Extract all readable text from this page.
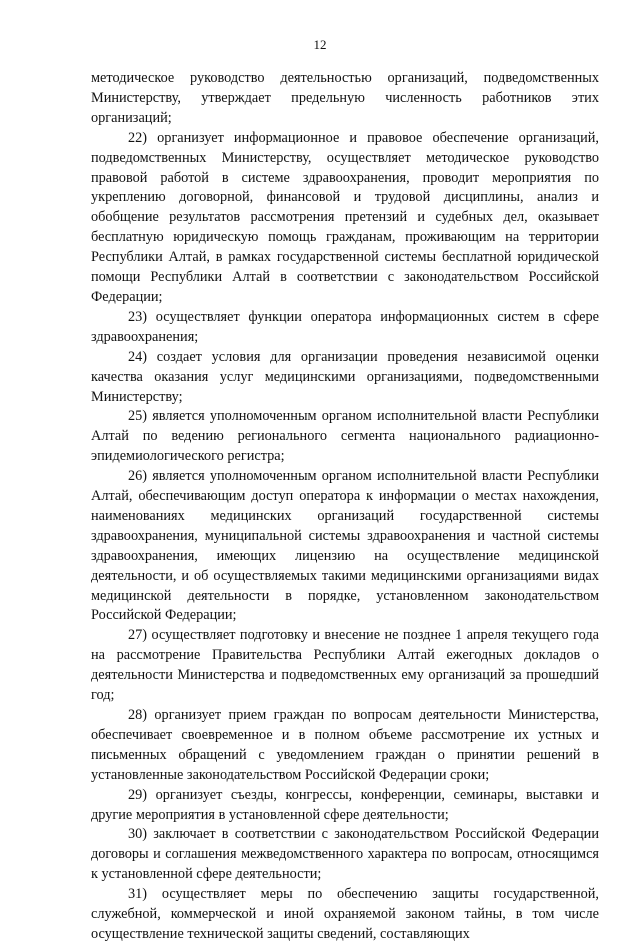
12

методическое руководство деятельностью организаций, подведомственных Министерству, утверждает предельную численность работников этих организаций;

22) организует информационное и правовое обеспечение организаций, подведомственных Министерству, осуществляет методическое руководство правовой работой в системе здравоохранения, проводит мероприятия по укреплению договорной, финансовой и трудовой дисциплины, анализ и обобщение результатов рассмотрения претензий и судебных дел, оказывает бесплатную юридическую помощь гражданам, проживающим на территории Республики Алтай, в рамках государственной системы бесплатной юридической помощи Республики Алтай в соответствии с законодательством Российской Федерации;

23) осуществляет функции оператора информационных систем в сфере здравоохранения;

24) создает условия для организации проведения независимой оценки качества оказания услуг медицинскими организациями, подведомственными Министерству;

25) является уполномоченным органом исполнительной власти Республики Алтай по ведению регионального сегмента национального радиационно-эпидемиологического регистра;

26) является уполномоченным органом исполнительной власти Республики Алтай, обеспечивающим доступ оператора к информации о местах нахождения, наименованиях медицинских организаций государственной системы здравоохранения, муниципальной системы здравоохранения и частной системы здравоохранения, имеющих лицензию на осуществление медицинской деятельности, и об осуществляемых такими медицинскими организациями видах медицинской деятельности в порядке, установленном законодательством Российской Федерации;

27) осуществляет подготовку и внесение не позднее 1 апреля текущего года на рассмотрение Правительства Республики Алтай ежегодных докладов о деятельности Министерства и подведомственных ему организаций за прошедший год;

28) организует прием граждан по вопросам деятельности Министерства, обеспечивает своевременное и в полном объеме рассмотрение их устных и письменных обращений с уведомлением граждан о принятии решений в установленные законодательством Российской Федерации сроки;

29) организует съезды, конгрессы, конференции, семинары, выставки и другие мероприятия в установленной сфере деятельности;

30) заключает в соответствии с законодательством Российской Федерации договоры и соглашения межведомственного характера по вопросам, относящимся к установленной сфере деятельности;

31) осуществляет меры по обеспечению защиты государственной, служебной, коммерческой и иной охраняемой законом тайны, в том числе осуществление технической защиты сведений, составляющих
